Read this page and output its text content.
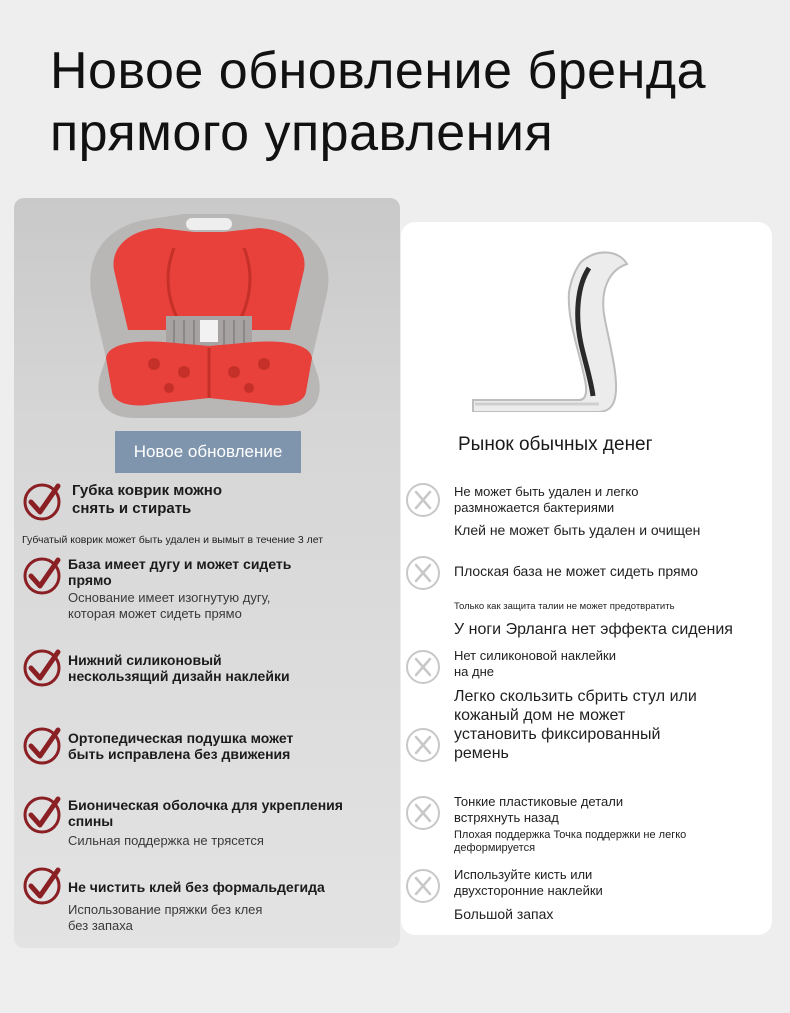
Новое обновление бренда
прямого управления
Новое обновление
Губка коврик можно
снять и стирать
Губчатый коврик может быть удален и вымыт в течение 3 лет
База имеет дугу и может сидеть
прямо
Основание имеет изогнутую дугу,
которая может сидеть прямо
Нижний силиконовый
нескользящий дизайн наклейки
Ортопедическая подушка может
быть исправлена без движения
Бионическая оболочка для укрепления
спины
Сильная поддержка не трясется
Не чистить клей без формальдегида
Использование пряжки без клея
без запаха
Рынок обычных денег
Не может быть удален и легко
размножается бактериями
Клей не может быть удален и очищен
Плоская база не может сидеть прямо
Только как защита талии не может предотвратить
У ноги Эрланга нет эффекта сидения
Нет силиконовой наклейки
на дне
Легко скользить сбрить стул или
кожаный дом не может
установить фиксированный
ремень
Тонкие пластиковые детали
встряхнуть назад
Плохая поддержка Точка поддержки не легко
деформируется
Используйте кисть или
двухсторонние наклейки
Большой запах
